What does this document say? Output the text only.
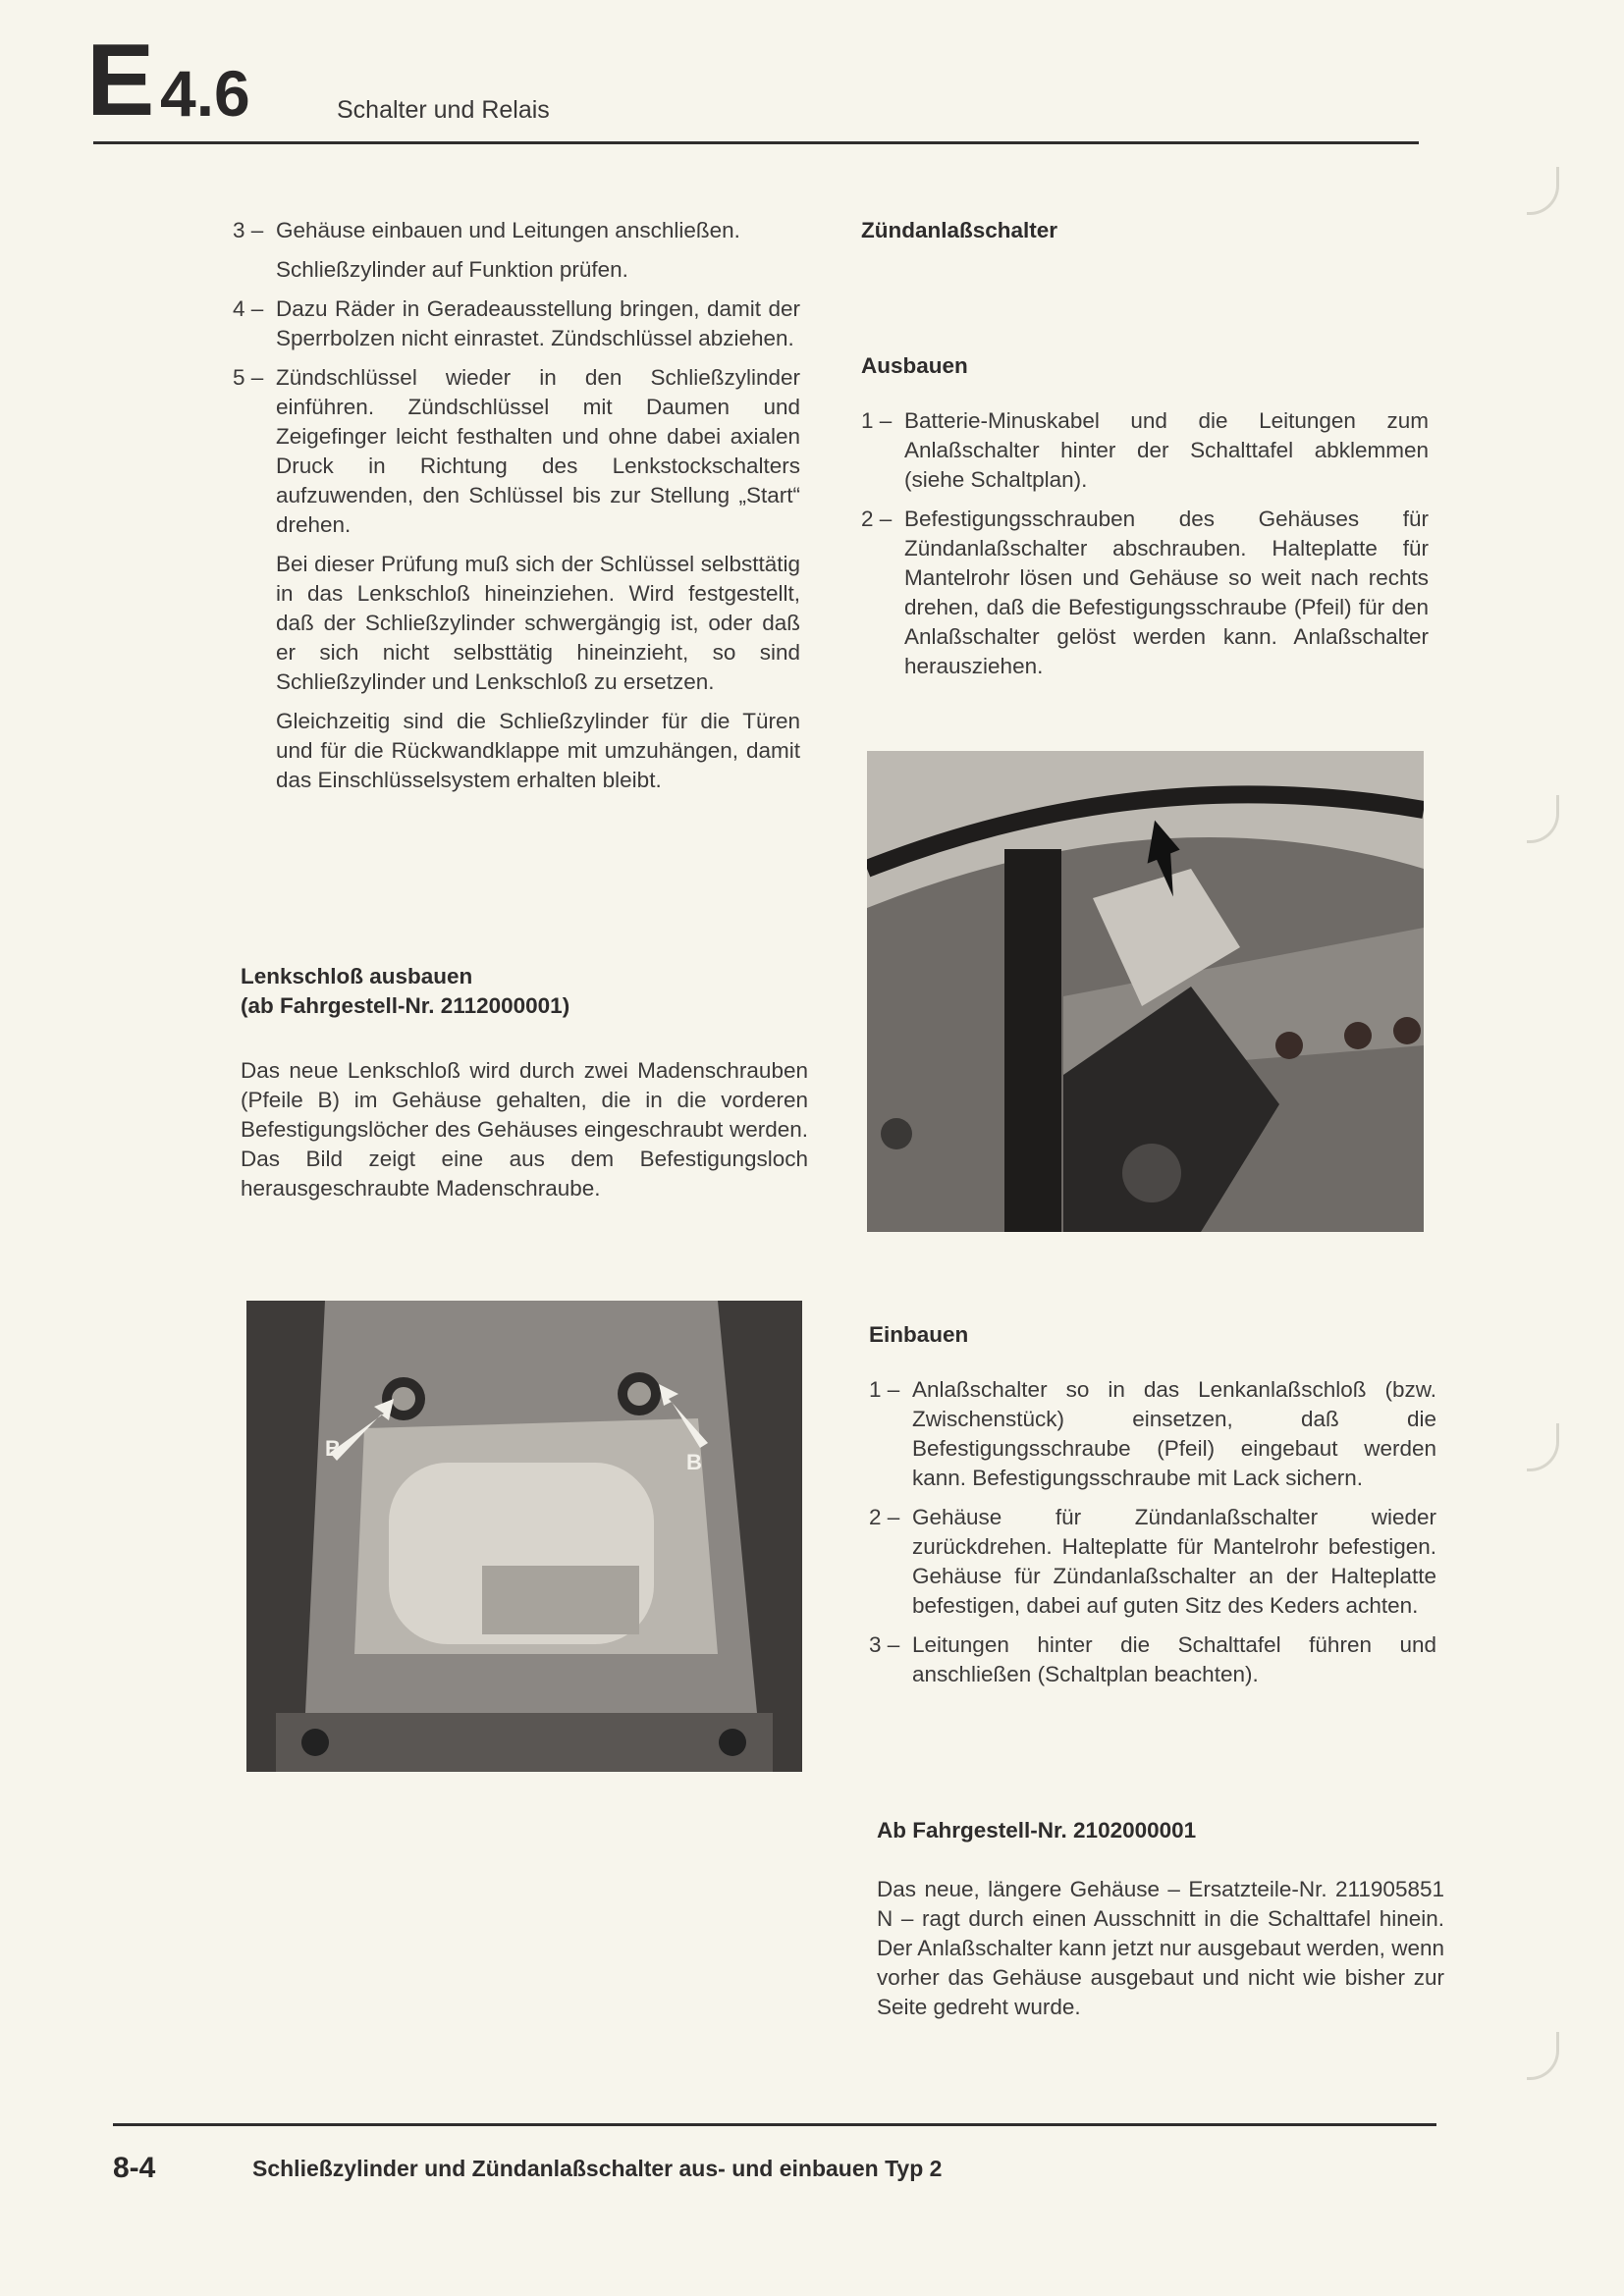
E 4.6	Schalter und Relais
3 – Gehäuse einbauen und Leitungen anschließen.

Schließzylinder auf Funktion prüfen.

4 – Dazu Räder in Geradeausstellung bringen, damit der Sperrbolzen nicht einrastet. Zündschlüssel abziehen.
5 – Zündschlüssel wieder in den Schließzylinder einführen. Zündschlüssel mit Daumen und Zeigefinger leicht festhalten und ohne dabei axialen Druck in Richtung des Lenkstockschalters aufzuwenden, den Schlüssel bis zur Stellung „Start“ drehen.

Bei dieser Prüfung muß sich der Schlüssel selbsttätig in das Lenkschloß hineinziehen. Wird festgestellt, daß der Schließzylinder schwergängig ist, oder daß er sich nicht selbsttätig hineinzieht, so sind Schließzylinder und Lenkschloß zu ersetzen.

Gleichzeitig sind die Schließzylinder für die Türen und für die Rückwandklappe mit umzuhängen, damit das Einschlüsselsystem erhalten bleibt.

Lenkschloß ausbauen
(ab Fahrgestell-Nr. 2112000001)

Das neue Lenkschloß wird durch zwei Madenschrauben (Pfeile B) im Gehäuse gehalten, die in die vorderen Befestigungslöcher des Gehäuses eingeschraubt werden. Das Bild zeigt eine aus dem Befestigungsloch herausgeschraubte Madenschraube.

B
B
Zündanlaßschalter
Ausbauen
1 – Batterie-Minuskabel und die Leitungen zum Anlaßschalter hinter der Schalttafel abklemmen (siehe Schaltplan).
2 – Befestigungsschrauben des Gehäuses für Zündanlaßschalter abschrauben. Halteplatte für Mantelrohr lösen und Gehäuse so weit nach rechts drehen, daß die Befestigungsschraube (Pfeil) für den Anlaßschalter gelöst werden kann. Anlaßschalter herausziehen.
Einbauen
1 – Anlaßschalter so in das Lenkanlaßschloß (bzw. Zwischenstück) einsetzen, daß die Befestigungsschraube (Pfeil) eingebaut werden kann. Befestigungsschraube mit Lack sichern.
2 – Gehäuse für Zündanlaßschalter wieder zurückdrehen. Halteplatte für Mantelrohr befestigen. Gehäuse für Zündanlaßschalter an der Halteplatte befestigen, dabei auf guten Sitz des Keders achten.
3 – Leitungen hinter die Schalttafel führen und anschließen (Schaltplan beachten).
Ab Fahrgestell-Nr. 2102000001

Das neue, längere Gehäuse – Ersatzteile-Nr. 211905851 N – ragt durch einen Ausschnitt in die Schalttafel hinein. Der Anlaßschalter kann jetzt nur ausgebaut werden, wenn vorher das Gehäuse ausgebaut und nicht wie bisher zur Seite gedreht wurde.

8-4	Schließzylinder und Zündanlaßschalter aus- und einbauen Typ 2
